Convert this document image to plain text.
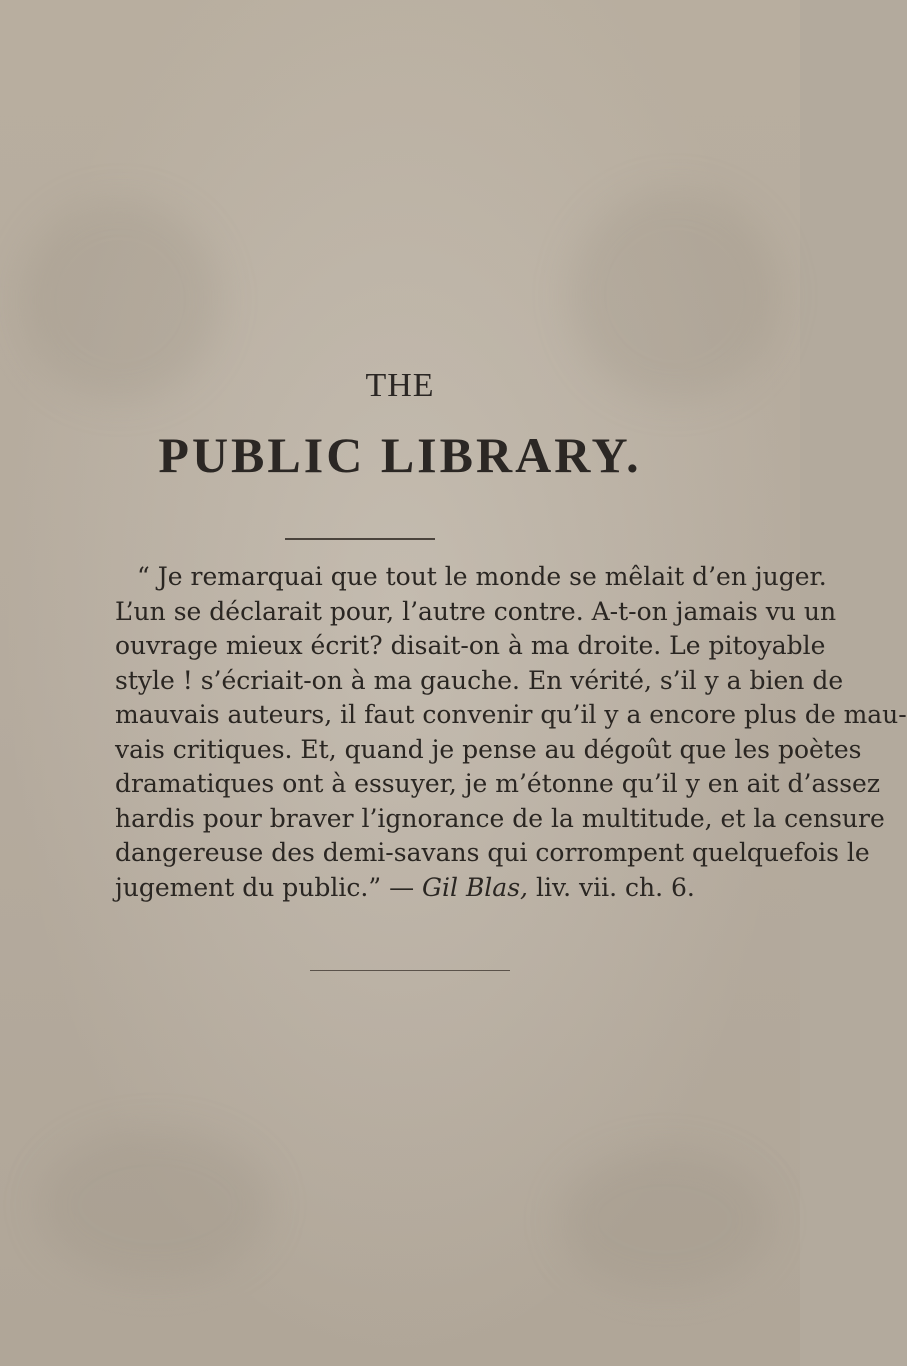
THE
PUBLIC LIBRARY.
“ Je remarquai que tout le monde se mêlait d’en juger.
L’un se déclarait pour, l’autre contre. A-t-on jamais vu un
ouvrage mieux écrit? disait-on à ma droite. Le pitoyable
style ! s’écriait-on à ma gauche. En vérité, s’il y a bien de
mauvais auteurs, il faut convenir qu’il y a encore plus de mau-
vais critiques. Et, quand je pense au dégoût que les poètes
dramatiques ont à essuyer, je m’étonne qu’il y en ait d’assez
hardis pour braver l’ignorance de la multitude, et la censure
dangereuse des demi-savans qui corrompent quelquefois le
jugement du public.” — Gil Blas, liv. vii. ch. 6.
